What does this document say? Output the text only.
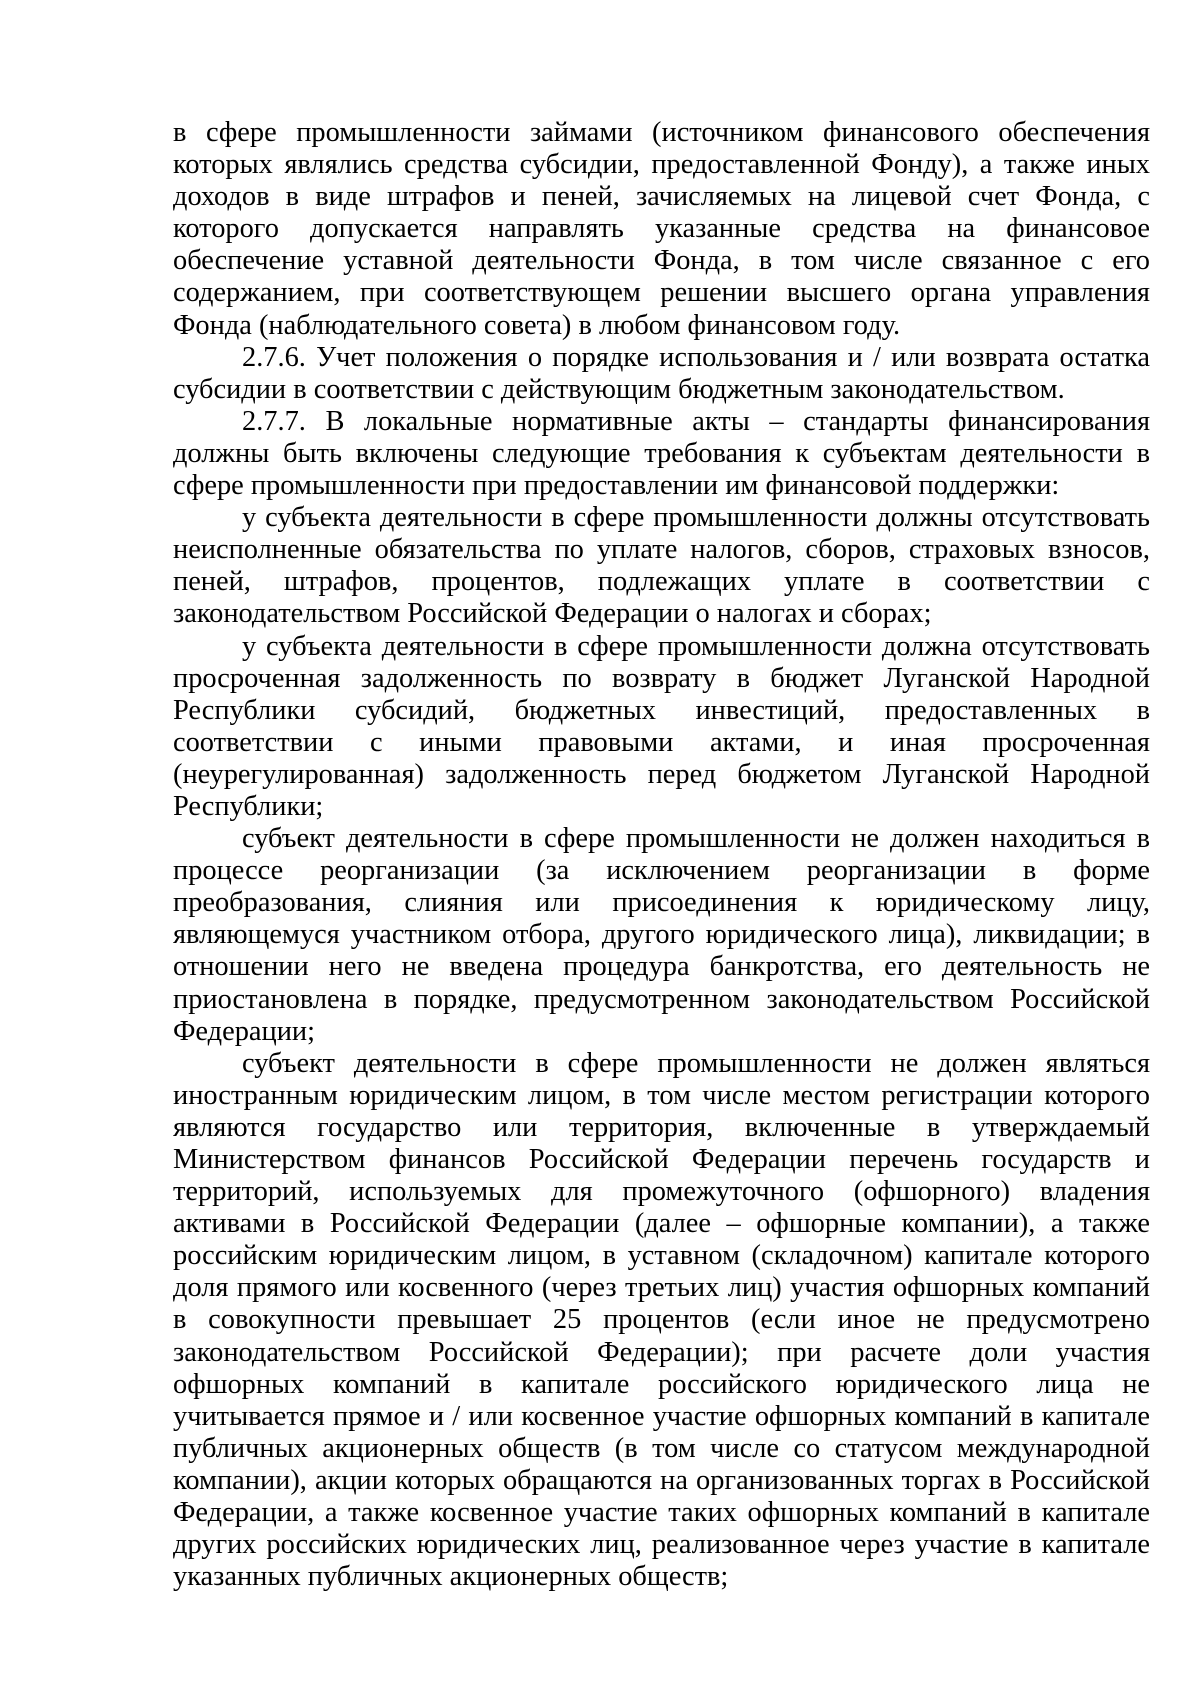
в сфере промышленности займами (источником финансового обеспечения которых являлись средства субсидии, предоставленной Фонду), а также иных доходов в виде штрафов и пеней, зачисляемых на лицевой счет Фонда, с которого допускается направлять указанные средства на финансовое обеспечение уставной деятельности Фонда, в том числе связанное с его содержанием, при соответствующем решении высшего органа управления Фонда (наблюдательного совета) в любом финансовом году.

2.7.6. Учет положения о порядке использования и / или возврата остатка субсидии в соответствии с действующим бюджетным законодательством.

2.7.7. В локальные нормативные акты – стандарты финансирования должны быть включены следующие требования к субъектам деятельности в сфере промышленности при предоставлении им финансовой поддержки:

у субъекта деятельности в сфере промышленности должны отсутствовать неисполненные обязательства по уплате налогов, сборов, страховых взносов, пеней, штрафов, процентов, подлежащих уплате в соответствии с законодательством Российской Федерации о налогах и сборах;

у субъекта деятельности в сфере промышленности должна отсутствовать просроченная задолженность по возврату в бюджет Луганской Народной Республики субсидий, бюджетных инвестиций, предоставленных в соответствии с иными правовыми актами, и иная просроченная (неурегулированная) задолженность перед бюджетом Луганской Народной Республики;

субъект деятельности в сфере промышленности не должен находиться в процессе реорганизации (за исключением реорганизации в форме преобразования, слияния или присоединения к юридическому лицу, являющемуся участником отбора, другого юридического лица), ликвидации; в отношении него не введена процедура банкротства, его деятельность не приостановлена в порядке, предусмотренном законодательством Российской Федерации;

субъект деятельности в сфере промышленности не должен являться иностранным юридическим лицом, в том числе местом регистрации которого являются государство или территория, включенные в утверждаемый Министерством финансов Российской Федерации перечень государств и территорий, используемых для промежуточного (офшорного) владения активами в Российской Федерации (далее – офшорные компании), а также российским юридическим лицом, в уставном (складочном) капитале которого доля прямого или косвенного (через третьих лиц) участия офшорных компаний в совокупности превышает 25 процентов (если иное не предусмотрено законодательством Российской Федерации); при расчете доли участия офшорных компаний в капитале российского юридического лица не учитывается прямое и / или косвенное участие офшорных компаний в капитале публичных акционерных обществ (в том числе со статусом международной компании), акции которых обращаются на организованных торгах в Российской Федерации, а также косвенное участие таких офшорных компаний в капитале других российских юридических лиц, реализованное через участие в капитале указанных публичных акционерных обществ;
